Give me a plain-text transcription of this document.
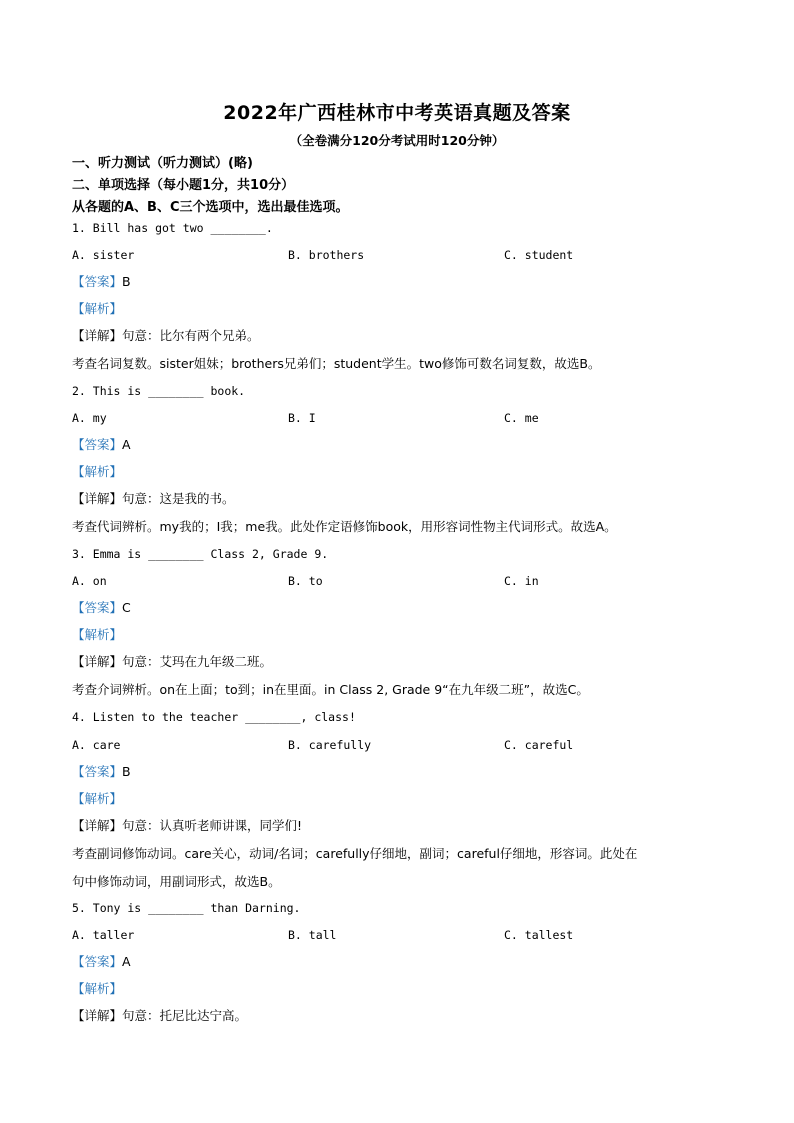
2022年广西桂林市中考英语真题及答案
（全卷满分120分考试用时120分钟）
一、听力测试（听力测试）(略)
二、单项选择（每小题1分，共10分）
从各题的A、B、C三个选项中，选出最佳选项。
1. Bill has got two ________.
A. sister	B. brothers	C. student
【答案】B
【解析】
【详解】句意：比尔有两个兄弟。
考查名词复数。sister姐妹；brothers兄弟们；student学生。two修饰可数名词复数，故选B。
2. This is ________ book.
A. my	B. I	C. me
【答案】A
【解析】
【详解】句意：这是我的书。
考查代词辨析。my我的；I我；me我。此处作定语修饰book，用形容词性物主代词形式。故选A。
3. Emma is ________ Class 2, Grade 9.
A. on	B. to	C. in
【答案】C
【解析】
【详解】句意：艾玛在九年级二班。
考查介词辨析。on在上面；to到；in在里面。in Class 2, Grade 9“在九年级二班”，故选C。
4. Listen to the teacher ________, class!
A. care	B. carefully	C. careful
【答案】B
【解析】
【详解】句意：认真听老师讲课，同学们!
考查副词修饰动词。care关心，动词/名词；carefully仔细地，副词；careful仔细地，形容词。此处在
句中修饰动词，用副词形式，故选B。
5. Tony is ________ than Darning.
A. taller	B. tall	C. tallest
【答案】A
【解析】
【详解】句意：托尼比达宁高。
